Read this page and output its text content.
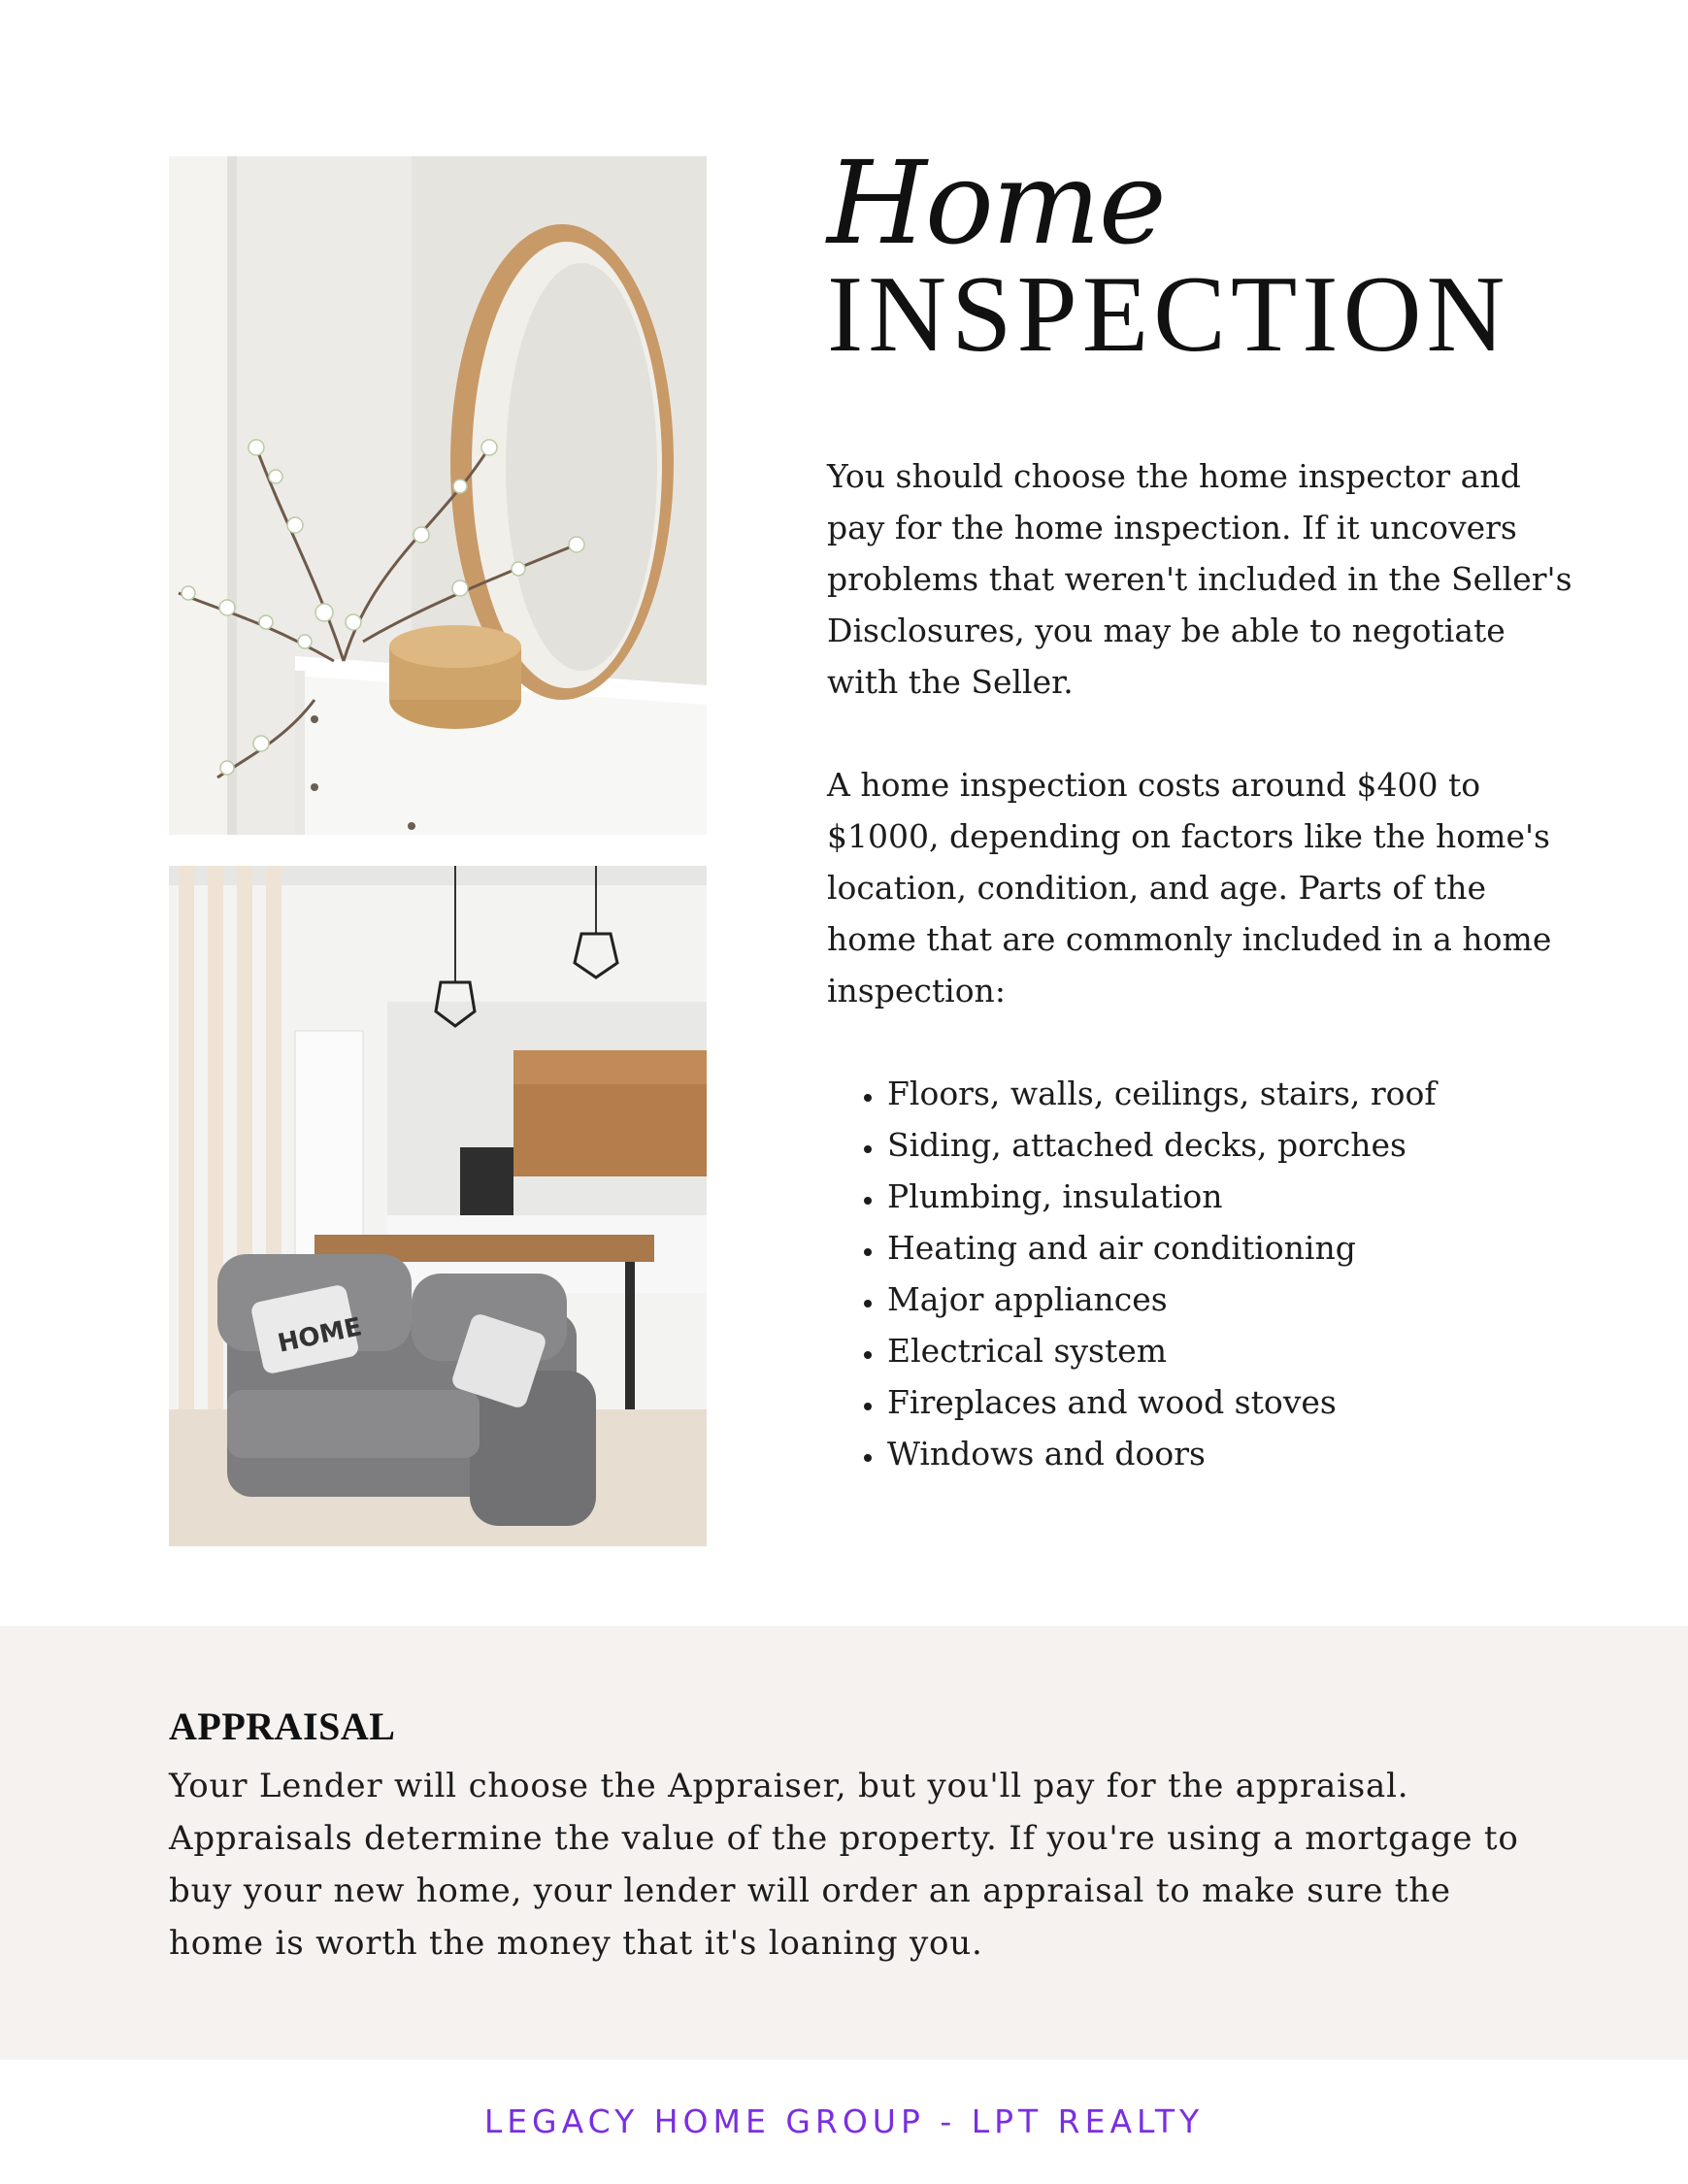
HOME
Home
INSPECTION

You should choose the home inspector and pay for the home inspection. If it uncovers problems that weren't included in the Seller's Disclosures, you may be able to negotiate with the Seller.

A home inspection costs around $400 to $1000, depending on factors like the home's location, condition, and age. Parts of the home that are commonly included in a home inspection:

• Floors, walls, ceilings, stairs, roof
• Siding, attached decks, porches
• Plumbing, insulation
• Heating and air conditioning
• Major appliances
• Electrical system
• Fireplaces and wood stoves
• Windows and doors
APPRAISAL
Your Lender will choose the Appraiser, but you'll pay for the appraisal. Appraisals determine the value of the property. If you're using a mortgage to buy your new home, your lender will order an appraisal to make sure the home is worth the money that it's loaning you.
LEGACY HOME GROUP - LPT REALTY
